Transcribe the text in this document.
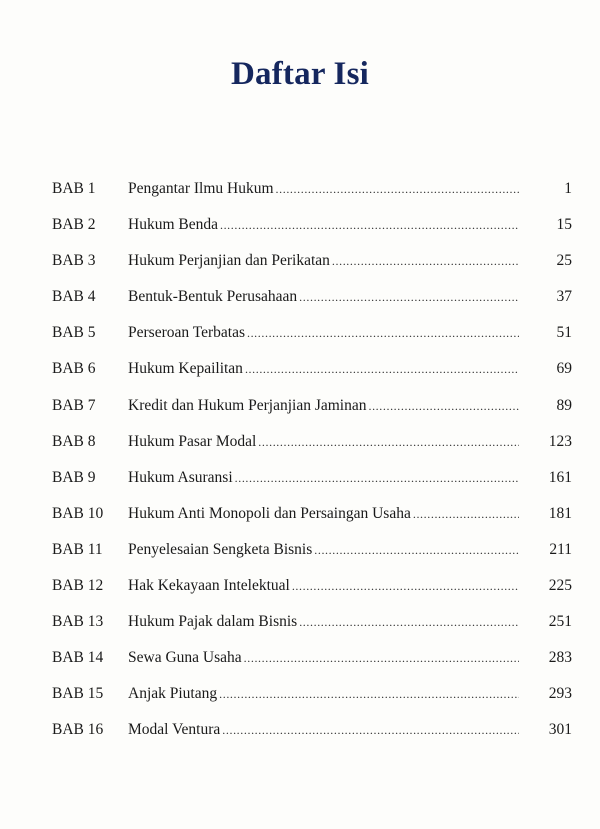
Daftar Isi
BAB 1	Pengantar Ilmu Hukum .....	1
BAB 2	Hukum Benda .....	15
BAB 3	Hukum Perjanjian dan Perikatan .....	25
BAB 4	Bentuk-Bentuk Perusahaan .....	37
BAB 5	Perseroan Terbatas .....	51
BAB 6	Hukum Kepailitan .....	69
BAB 7	Kredit dan Hukum Perjanjian Jaminan .....	89
BAB 8	Hukum Pasar Modal .....	123
BAB 9	Hukum Asuransi .....	161
BAB 10	Hukum Anti Monopoli dan Persaingan Usaha .....	181
BAB 11	Penyelesaian Sengketa Bisnis .....	211
BAB 12	Hak Kekayaan Intelektual .....	225
BAB 13	Hukum Pajak dalam Bisnis .....	251
BAB 14	Sewa Guna Usaha .....	283
BAB 15	Anjak Piutang .....	293
BAB 16	Modal Ventura .....	301
